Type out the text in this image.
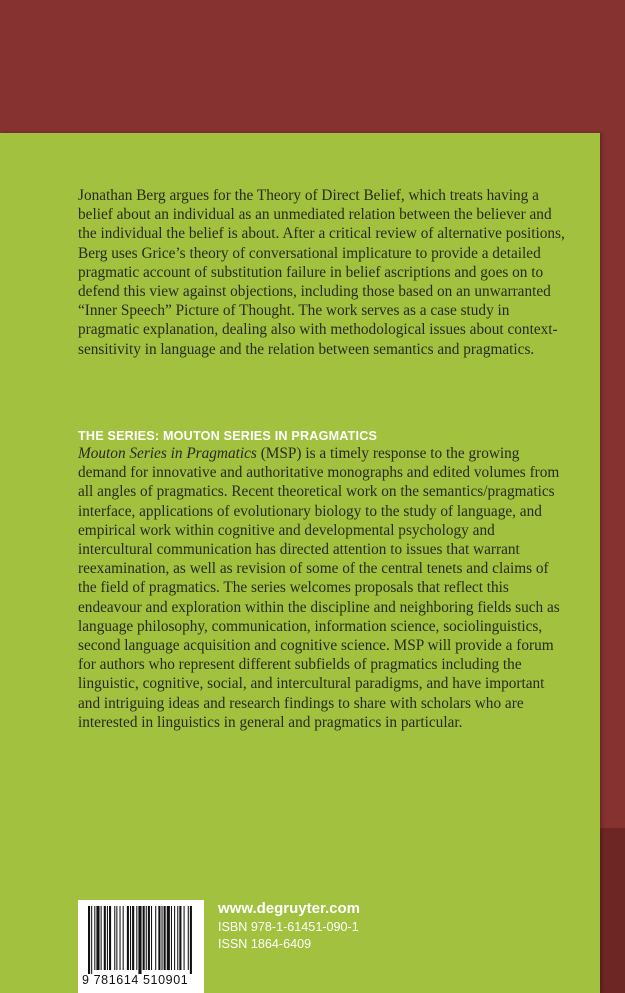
Jonathan Berg argues for the Theory of Direct Belief, which treats having a belief about an individual as an unmediated relation between the believer and the individual the belief is about. After a critical review of alternative positions, Berg uses Grice’s theory of conversational implicature to provide a detailed pragmatic account of substitution failure in belief ascriptions and goes on to defend this view against objections, including those based on an unwarranted “Inner Speech” Picture of Thought. The work serves as a case study in pragmatic explanation, dealing also with methodological issues about context-sensitivity in language and the relation between semantics and pragmatics.

THE SERIES: MOUTON SERIES IN PRAGMATICS

Mouton Series in Pragmatics (MSP) is a timely response to the growing demand for innovative and authoritative monographs and edited volumes from all angles of pragmatics. Recent theoretical work on the semantics/pragmatics interface, applications of evolutionary biology to the study of language, and empirical work within cognitive and developmental psychology and intercultural communication has directed attention to issues that warrant reexamination, as well as revision of some of the central tenets and claims of the field of pragmatics. The series welcomes proposals that reflect this endeavour and exploration within the discipline and neighboring fields such as language philosophy, communication, information science, sociolinguistics, second language acquisition and cognitive science. MSP will provide a forum for authors who represent different subfields of pragmatics including the linguistic, cognitive, social, and intercultural paradigms, and have important and intriguing ideas and research findings to share with scholars who are interested in linguistics in general and pragmatics in particular.

9 781614 510901
www.degruyter.com
ISBN 978-1-61451-090-1
ISSN 1864-6409
